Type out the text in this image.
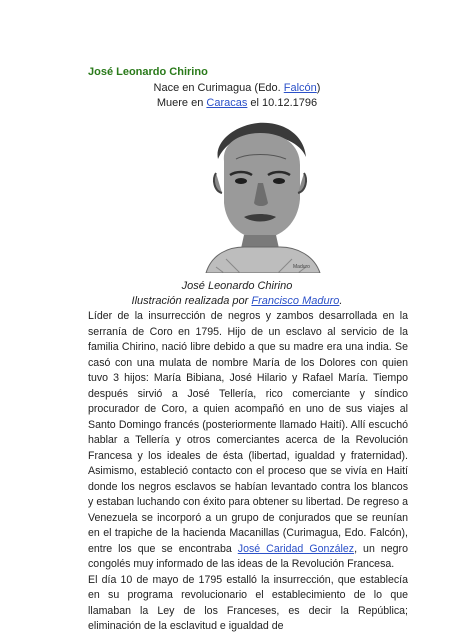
José Leonardo Chirino
Nace en Curimagua (Edo. Falcón)
Muere en Caracas el 10.12.1796
Maduro
José Leonardo Chirino
Ilustración realizada por Francisco Maduro.

Líder de la insurrección de negros y zambos desarrollada en la serranía de Coro en 1795. Hijo de un esclavo al servicio de la familia Chirino, nació libre debido a que su madre era una india. Se casó con una mulata de nombre María de los Dolores con quien tuvo 3 hijos: María Bibiana, José Hilario y Rafael María. Tiempo después sirvió a José Tellería, rico comerciante y síndico procurador de Coro, a quien acompañó en uno de sus viajes al Santo Domingo francés (posteriormente llamado Haití). Allí escuchó hablar a Tellería y otros comerciantes acerca de la Revolución Francesa y los ideales de ésta (libertad, igualdad y fraternidad). Asimismo, estableció contacto con el proceso que se vivía en Haití donde los negros esclavos se habían levantado contra los blancos y estaban luchando con éxito para obtener su libertad. De regreso a Venezuela se incorporó a un grupo de conjurados que se reunían en el trapiche de la hacienda Macanillas (Curimagua, Edo. Falcón), entre los que se encontraba José Caridad González, un negro congolés muy informado de las ideas de la Revolución Francesa.

El día 10 de mayo de 1795 estalló la insurrección, que establecía en su programa revolucionario el establecimiento de lo que llamaban la Ley de los Franceses, es decir la República; eliminación de la esclavitud e igualdad de
